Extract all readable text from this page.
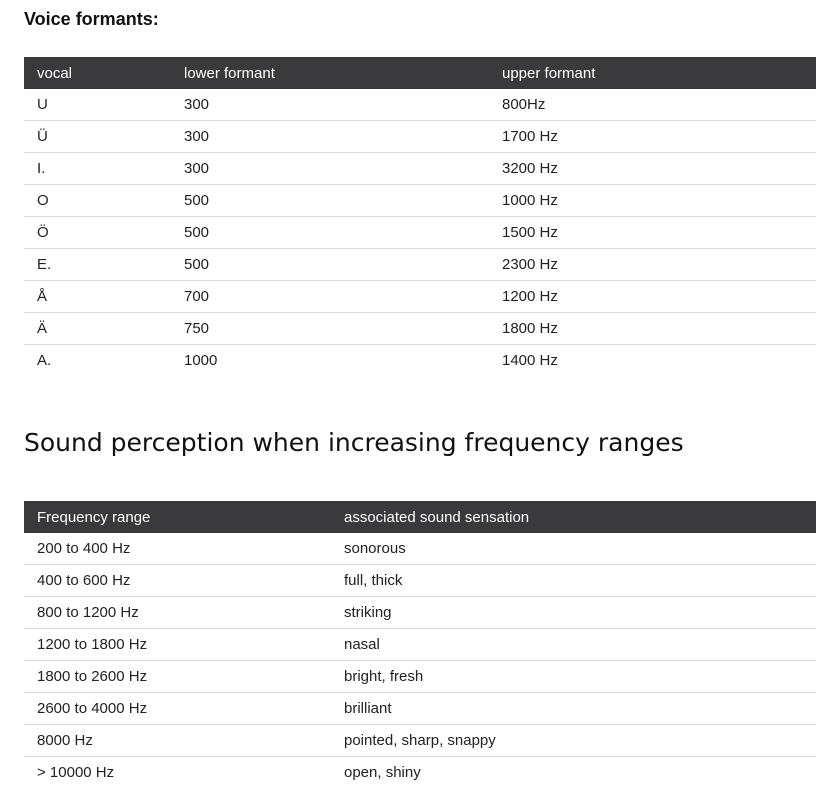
Voice formants:
vocal	lower formant	upper formant
U	300	800Hz
Ü	300	1700 Hz
I.	300	3200 Hz
O	500	1000 Hz
Ö	500	1500 Hz
E.	500	2300 Hz
Å	700	1200 Hz
Ä	750	1800 Hz
A.	1000	1400 Hz
Sound perception when increasing frequency ranges
Frequency range	associated sound sensation
200 to 400 Hz	sonorous
400 to 600 Hz	full, thick
800 to 1200 Hz	striking
1200 to 1800 Hz	nasal
1800 to 2600 Hz	bright, fresh
2600 to 4000 Hz	brilliant
8000 Hz	pointed, sharp, snappy
> 10000 Hz	open, shiny
